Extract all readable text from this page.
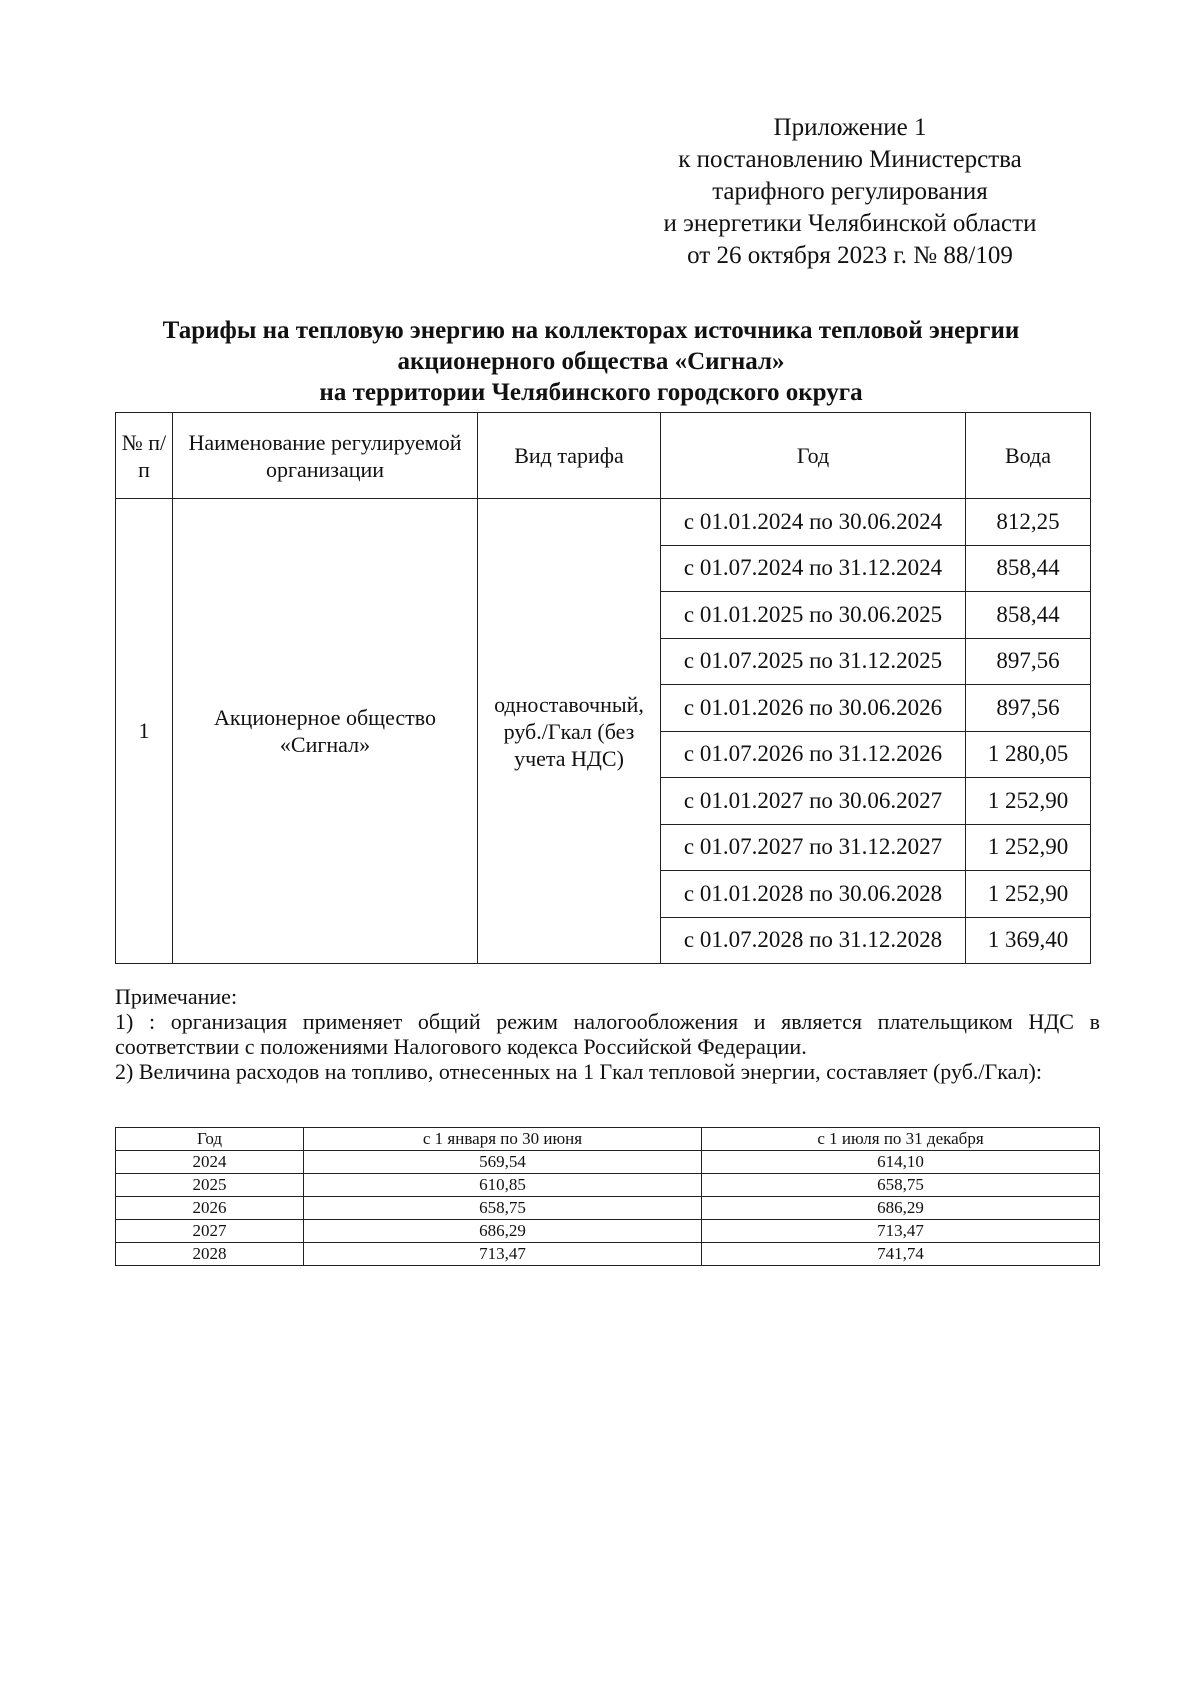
Приложение 1
к постановлению Министерства
тарифного регулирования
и энергетики Челябинской области
от 26 октября 2023 г. № 88/109
Тарифы на тепловую энергию на коллекторах источника тепловой энергии
акционерного общества «Сигнал»
на территории Челябинского городского округа
№ п/п	Наименование регулируемой организации	Вид тарифа	Год	Вода
1	Акционерное общество «Сигнал»	одноставочный, руб./Гкал (без учета НДС)	с 01.01.2024 по 30.06.2024	812,25
			с 01.07.2024 по 31.12.2024	858,44
			с 01.01.2025 по 30.06.2025	858,44
			с 01.07.2025 по 31.12.2025	897,56
			с 01.01.2026 по 30.06.2026	897,56
			с 01.07.2026 по 31.12.2026	1 280,05
			с 01.01.2027 по 30.06.2027	1 252,90
			с 01.07.2027 по 31.12.2027	1 252,90
			с 01.01.2028 по 30.06.2028	1 252,90
			с 01.07.2028 по 31.12.2028	1 369,40

Примечание:

1) : организация применяет общий режим налогообложения и является плательщиком НДС в соответствии с положениями Налогового кодекса Российской Федерации.

2) Величина расходов на топливо, отнесенных на 1 Гкал тепловой энергии, составляет (руб./Гкал):

Год	с 1 января по 30 июня	с 1 июля по 31 декабря
2024	569,54	614,10
2025	610,85	658,75
2026	658,75	686,29
2027	686,29	713,47
2028	713,47	741,74
